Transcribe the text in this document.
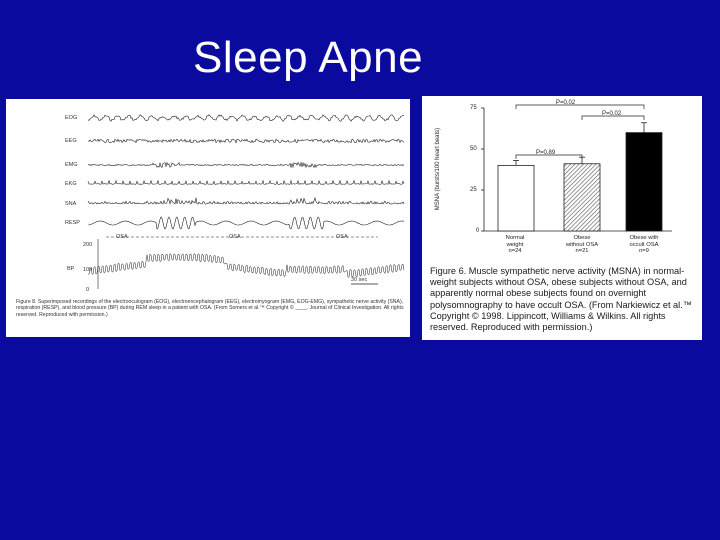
Sleep Apne
EOG
EEG
EMG
EKG
SNA
RESP
BP
200
100
0
OSA	OSA	OSA
30 sec
Figure 8. Superimposed recordings of the electrooculogram (EOG), electroencephalogram (EEG), electromyogram (EMG, EOG-EMG), sympathetic nerve activity (SNA), respiration (RESP), and blood pressure (BP) during REM sleep in a patient with OSA. (From Somers et al.™ Copyright © ____. Journal of Clinical Investigation. All rights reserved. Reproduced with permission.)
MSNA (bursts/100 heart beats)
75
50
25
0
P=0.02
P=0.02
P=0.89
Normal
weight
n=24
Obese
without OSA
n=21
Obese with
occult OSA
n=9
Figure 6. Muscle sympathetic nerve activity (MSNA) in normal-weight subjects without OSA, obese subjects without OSA, and apparently normal obese subjects found on overnight polysomnography to have occult OSA. (From Narkiewicz et al.™ Copyright © 1998. Lippincott, Williams & Wilkins. All rights reserved. Reproduced with permission.)
